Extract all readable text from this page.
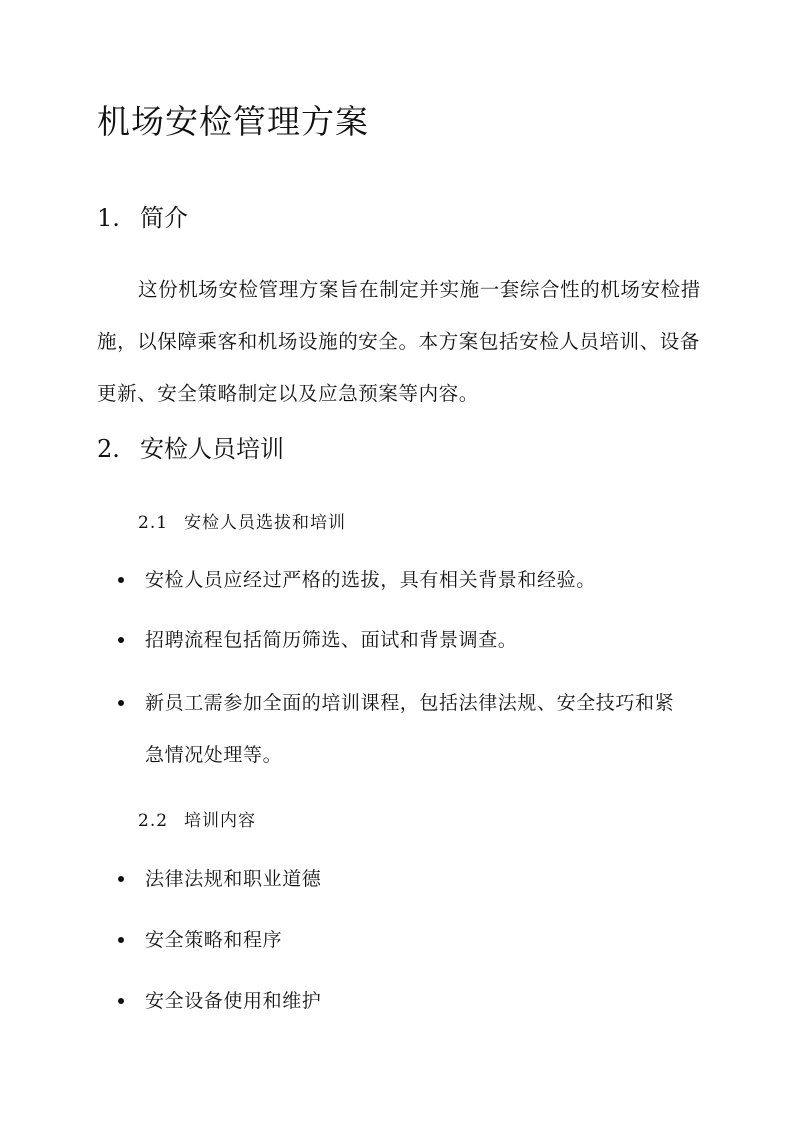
机场安检管理方案
1. 简介

这份机场安检管理方案旨在制定并实施一套综合性的机场安检措施，以保障乘客和机场设施的安全。本方案包括安检人员培训、设备更新、安全策略制定以及应急预案等内容。

2. 安检人员培训
2.1 安检人员选拔和培训
安检人员应经过严格的选拔，具有相关背景和经验。
招聘流程包括简历筛选、面试和背景调查。
新员工需参加全面的培训课程，包括法律法规、安全技巧和紧急情况处理等。
2.2 培训内容
法律法规和职业道德
安全策略和程序
安全设备使用和维护
